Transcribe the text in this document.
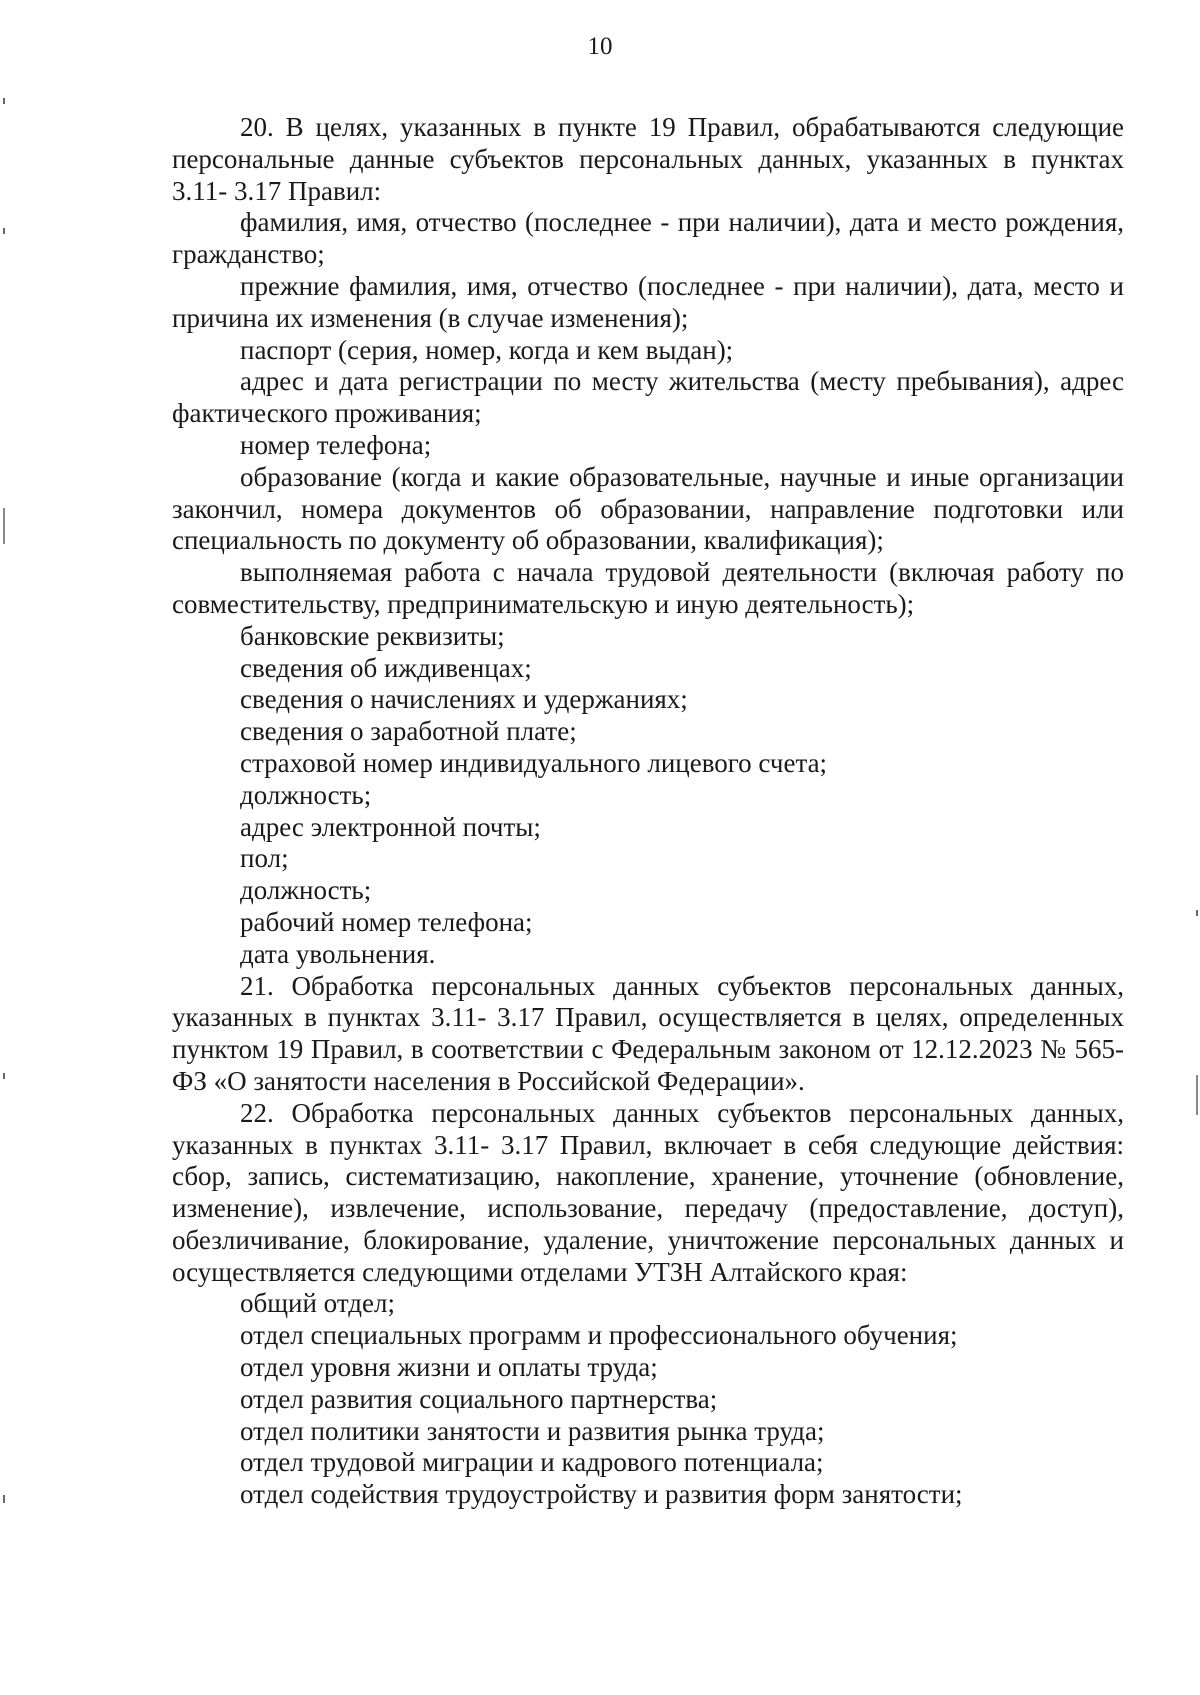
10

20. В целях, указанных в пункте 19 Правил, обрабатываются следующие персональные данные субъектов персональных данных, указанных в пунктах 3.11- 3.17 Правил:

фамилия, имя, отчество (последнее - при наличии), дата и место рождения, гражданство;
прежние фамилия, имя, отчество (последнее - при наличии), дата, место и причина их изменения (в случае изменения);
паспорт (серия, номер, когда и кем выдан);
адрес и дата регистрации по месту жительства (месту пребывания), адрес фактического проживания;
номер телефона;
образование (когда и какие образовательные, научные и иные организации закончил, номера документов об образовании, направление подготовки или специальность по документу об образовании, квалификация);
выполняемая работа с начала трудовой деятельности (включая работу по совместительству, предпринимательскую и иную деятельность);
банковские реквизиты;
сведения об иждивенцах;
сведения о начислениях и удержаниях;
сведения о заработной плате;
страховой номер индивидуального лицевого счета;
должность;
адрес электронной почты;
пол;
должность;
рабочий номер телефона;
дата увольнения.

21. Обработка персональных данных субъектов персональных данных, указанных в пунктах 3.11- 3.17 Правил, осуществляется в целях, определенных пунктом 19 Правил, в соответствии с Федеральным законом от 12.12.2023 № 565-ФЗ «О занятости населения в Российской Федерации».

22. Обработка персональных данных субъектов персональных данных, указанных в пунктах 3.11- 3.17 Правил, включает в себя следующие действия: сбор, запись, систематизацию, накопление, хранение, уточнение (обновление, изменение), извлечение, использование, передачу (предоставление, доступ), обезличивание, блокирование, удаление, уничтожение персональных данных и осуществляется следующими отделами УТЗН Алтайского края:

общий отдел;
отдел специальных программ и профессионального обучения;
отдел уровня жизни и оплаты труда;
отдел развития социального партнерства;
отдел политики занятости и развития рынка труда;
отдел трудовой миграции и кадрового потенциала;
отдел содействия трудоустройству и развития форм занятости;
